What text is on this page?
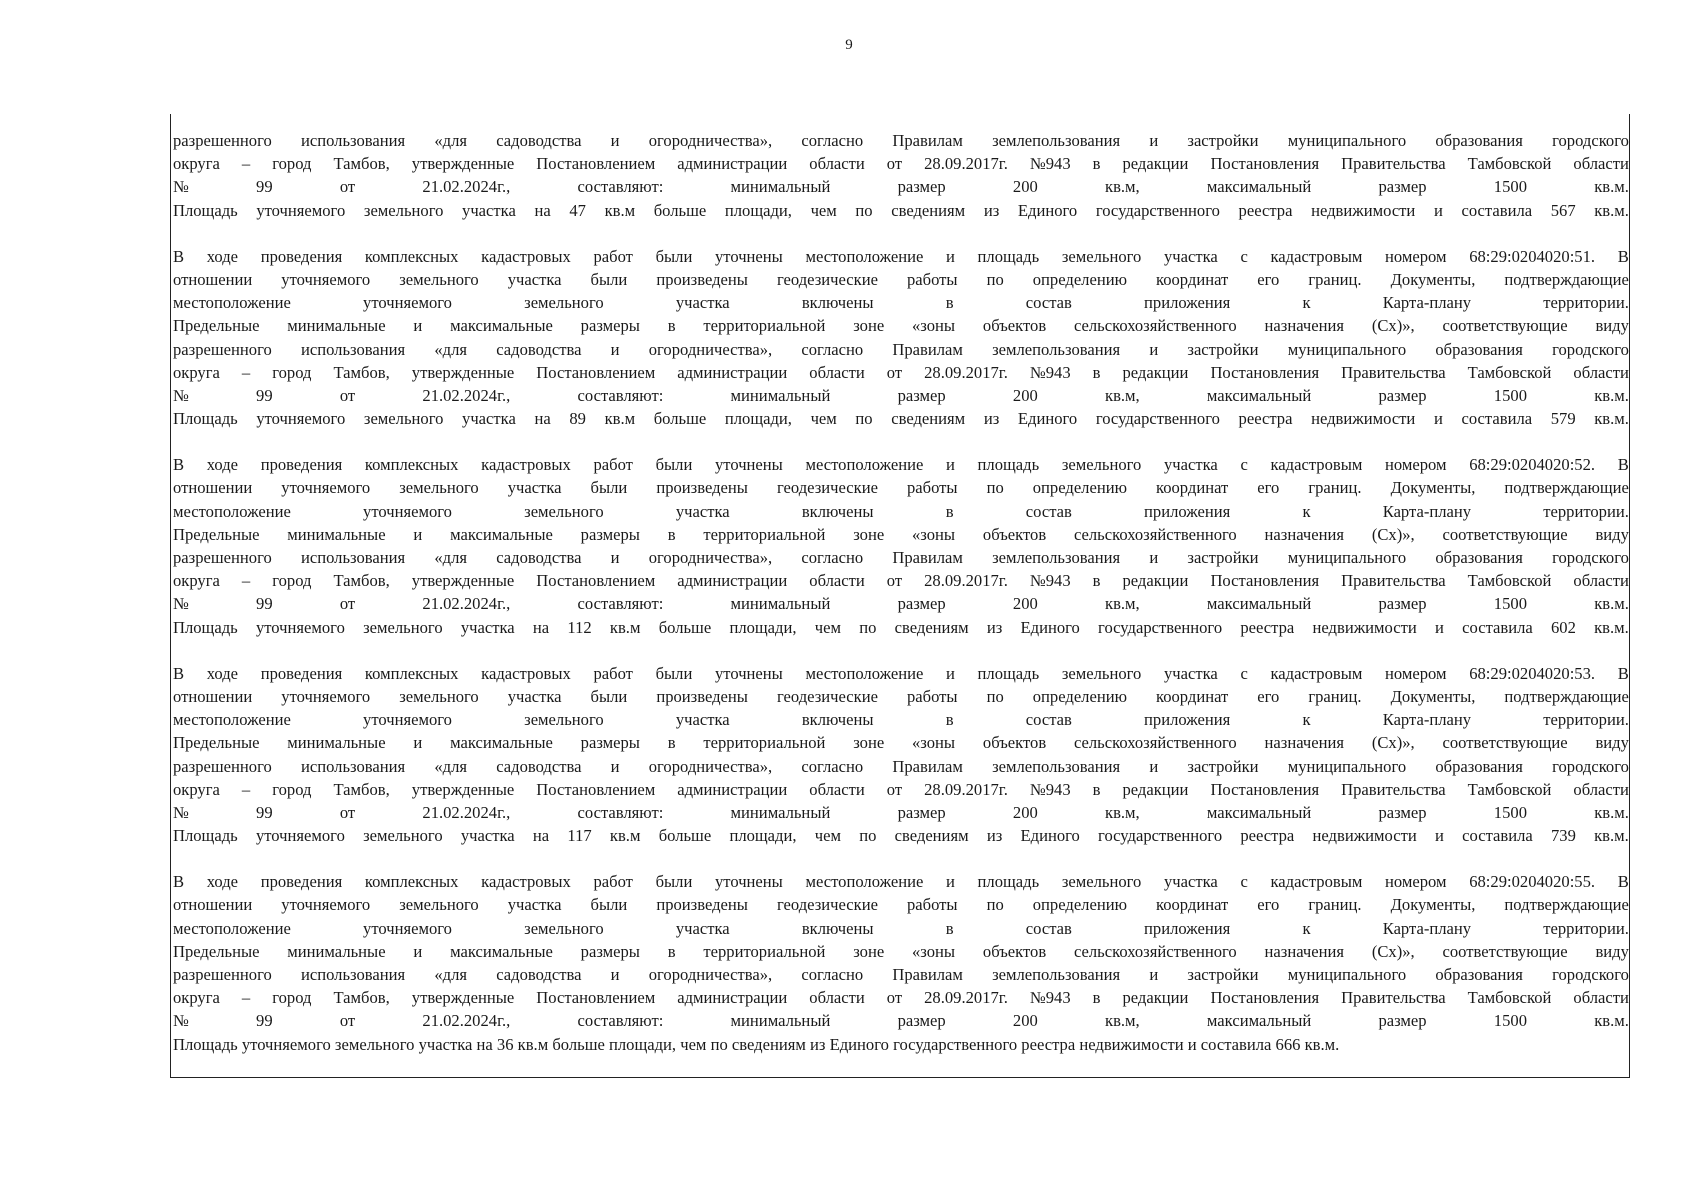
9
разрешенного использования «для садоводства и огородничества», согласно Правилам землепользования и застройки муниципального образования городского
округа – город Тамбов, утвержденные Постановлением администрации области от 28.09.2017г. №943 в редакции Постановления Правительства Тамбовской области
№	99	от	21.02.2024г.,	составляют:	минимальный	размер	200	кв.м,	максимальный	размер	1500	кв.м.
Площадь уточняемого земельного участка на 47 кв.м больше площади, чем по сведениям из Единого государственного реестра недвижимости и составила 567 кв.м.
В ходе проведения комплексных кадастровых работ были уточнены местоположение и площадь земельного участка с кадастровым номером 68:29:0204020:51. В
отношении уточняемого земельного участка были произведены геодезические работы по определению координат его границ. Документы, подтверждающие
местоположение	уточняемого	земельного	участка	включены	в	состав	приложения	к	Карта-плану	территории.
Предельные минимальные и максимальные размеры в территориальной зоне «зоны объектов сельскохозяйственного назначения (Сх)», соответствующие виду
разрешенного использования «для садоводства и огородничества», согласно Правилам землепользования и застройки муниципального образования городского
округа – город Тамбов, утвержденные Постановлением администрации области от 28.09.2017г. №943 в редакции Постановления Правительства Тамбовской области
№	99	от	21.02.2024г.,	составляют:	минимальный	размер	200	кв.м,	максимальный	размер	1500	кв.м.
Площадь уточняемого земельного участка на 89 кв.м больше площади, чем по сведениям из Единого государственного реестра недвижимости и составила 579 кв.м.
В ходе проведения комплексных кадастровых работ были уточнены местоположение и площадь земельного участка с кадастровым номером 68:29:0204020:52. В
отношении уточняемого земельного участка были произведены геодезические работы по определению координат его границ. Документы, подтверждающие
местоположение	уточняемого	земельного	участка	включены	в	состав	приложения	к	Карта-плану	территории.
Предельные минимальные и максимальные размеры в территориальной зоне «зоны объектов сельскохозяйственного назначения (Сх)», соответствующие виду
разрешенного использования «для садоводства и огородничества», согласно Правилам землепользования и застройки муниципального образования городского
округа – город Тамбов, утвержденные Постановлением администрации области от 28.09.2017г. №943 в редакции Постановления Правительства Тамбовской области
№	99	от	21.02.2024г.,	составляют:	минимальный	размер	200	кв.м,	максимальный	размер	1500	кв.м.
Площадь уточняемого земельного участка на 112 кв.м больше площади, чем по сведениям из Единого государственного реестра недвижимости и составила 602 кв.м.
В ходе проведения комплексных кадастровых работ были уточнены местоположение и площадь земельного участка с кадастровым номером 68:29:0204020:53. В
отношении уточняемого земельного участка были произведены геодезические работы по определению координат его границ. Документы, подтверждающие
местоположение	уточняемого	земельного	участка	включены	в	состав	приложения	к	Карта-плану	территории.
Предельные минимальные и максимальные размеры в территориальной зоне «зоны объектов сельскохозяйственного назначения (Сх)», соответствующие виду
разрешенного использования «для садоводства и огородничества», согласно Правилам землепользования и застройки муниципального образования городского
округа – город Тамбов, утвержденные Постановлением администрации области от 28.09.2017г. №943 в редакции Постановления Правительства Тамбовской области
№	99	от	21.02.2024г.,	составляют:	минимальный	размер	200	кв.м,	максимальный	размер	1500	кв.м.
Площадь уточняемого земельного участка на 117 кв.м больше площади, чем по сведениям из Единого государственного реестра недвижимости и составила 739 кв.м.
В ходе проведения комплексных кадастровых работ были уточнены местоположение и площадь земельного участка с кадастровым номером 68:29:0204020:55. В
отношении уточняемого земельного участка были произведены геодезические работы по определению координат его границ. Документы, подтверждающие
местоположение	уточняемого	земельного	участка	включены	в	состав	приложения	к	Карта-плану	территории.
Предельные минимальные и максимальные размеры в территориальной зоне «зоны объектов сельскохозяйственного назначения (Сх)», соответствующие виду
разрешенного использования «для садоводства и огородничества», согласно Правилам землепользования и застройки муниципального образования городского
округа – город Тамбов, утвержденные Постановлением администрации области от 28.09.2017г. №943 в редакции Постановления Правительства Тамбовской области
№	99	от	21.02.2024г.,	составляют:	минимальный	размер	200	кв.м,	максимальный	размер	1500	кв.м.
Площадь уточняемого земельного участка на 36 кв.м больше площади, чем по сведениям из Единого государственного реестра недвижимости и составила 666 кв.м.
